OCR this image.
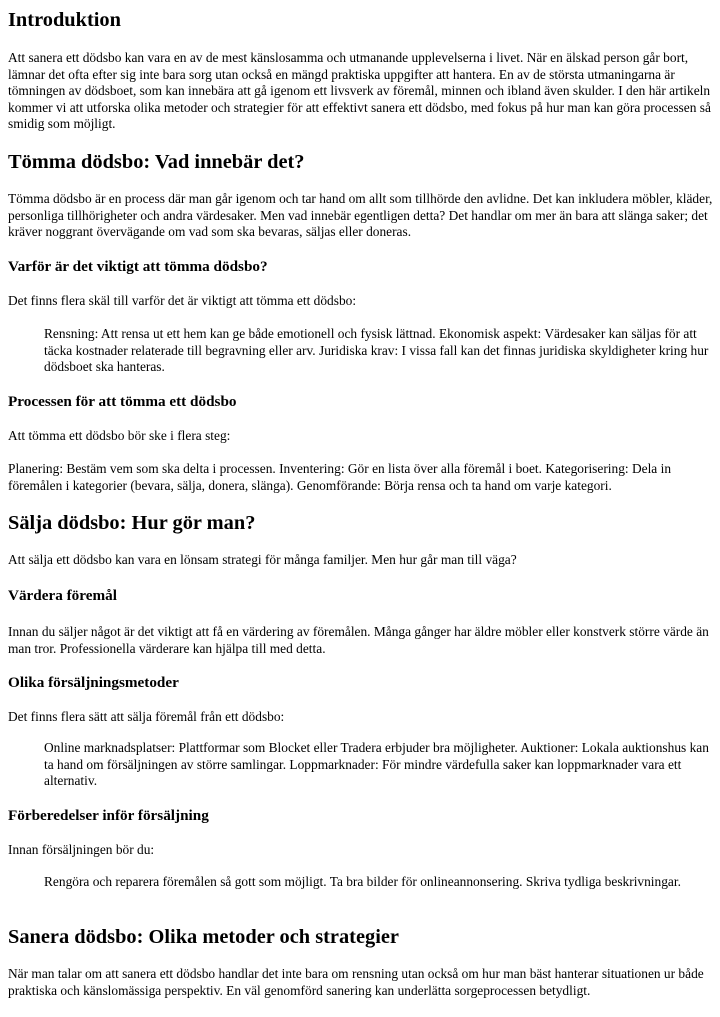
Introduktion

Att sanera ett dödsbo kan vara en av de mest känslosamma och utmanande upplevelserna i livet. När en älskad person går bort, lämnar det ofta efter sig inte bara sorg utan också en mängd praktiska uppgifter att hantera. En av de största utmaningarna är tömningen av dödsboet, som kan innebära att gå igenom ett livsverk av föremål, minnen och ibland även skulder. I den här artikeln kommer vi att utforska olika metoder och strategier för att effektivt sanera ett dödsbo, med fokus på hur man kan göra processen så smidig som möjligt.

Tömma dödsbo: Vad innebär det?

Tömma dödsbo är en process där man går igenom och tar hand om allt som tillhörde den avlidne. Det kan inkludera möbler, kläder, personliga tillhörigheter och andra värdesaker. Men vad innebär egentligen detta? Det handlar om mer än bara att slänga saker; det kräver noggrant övervägande om vad som ska bevaras, säljas eller doneras.

Varför är det viktigt att tömma dödsbo?

Det finns flera skäl till varför det är viktigt att tömma ett dödsbo:

Rensning: Att rensa ut ett hem kan ge både emotionell och fysisk lättnad. Ekonomisk aspekt: Värdesaker kan säljas för att täcka kostnader relaterade till begravning eller arv. Juridiska krav: I vissa fall kan det finnas juridiska skyldigheter kring hur dödsboet ska hanteras.

Processen för att tömma ett dödsbo

Att tömma ett dödsbo bör ske i flera steg:

Planering: Bestäm vem som ska delta i processen. Inventering: Gör en lista över alla föremål i boet. Kategorisering: Dela in föremålen i kategorier (bevara, sälja, donera, slänga). Genomförande: Börja rensa och ta hand om varje kategori.

Sälja dödsbo: Hur gör man?

Att sälja ett dödsbo kan vara en lönsam strategi för många familjer. Men hur går man till väga?

Värdera föremål

Innan du säljer något är det viktigt att få en värdering av föremålen. Många gånger har äldre möbler eller konstverk större värde än man tror. Professionella värderare kan hjälpa till med detta.

Olika försäljningsmetoder

Det finns flera sätt att sälja föremål från ett dödsbo:

Online marknadsplatser: Plattformar som Blocket eller Tradera erbjuder bra möjligheter. Auktioner: Lokala auktionshus kan ta hand om försäljningen av större samlingar. Loppmarknader: För mindre värdefulla saker kan loppmarknader vara ett alternativ.

Förberedelser inför försäljning

Innan försäljningen bör du:

Rengöra och reparera föremålen så gott som möjligt. Ta bra bilder för onlineannonsering. Skriva tydliga beskrivningar.

Sanera dödsbo: Olika metoder och strategier

När man talar om att sanera ett dödsbo handlar det inte bara om rensning utan också om hur man bäst hanterar situationen ur både praktiska och känslomässiga perspektiv. En väl genomförd sanering kan underlätta sorgeprocessen betydligt.
